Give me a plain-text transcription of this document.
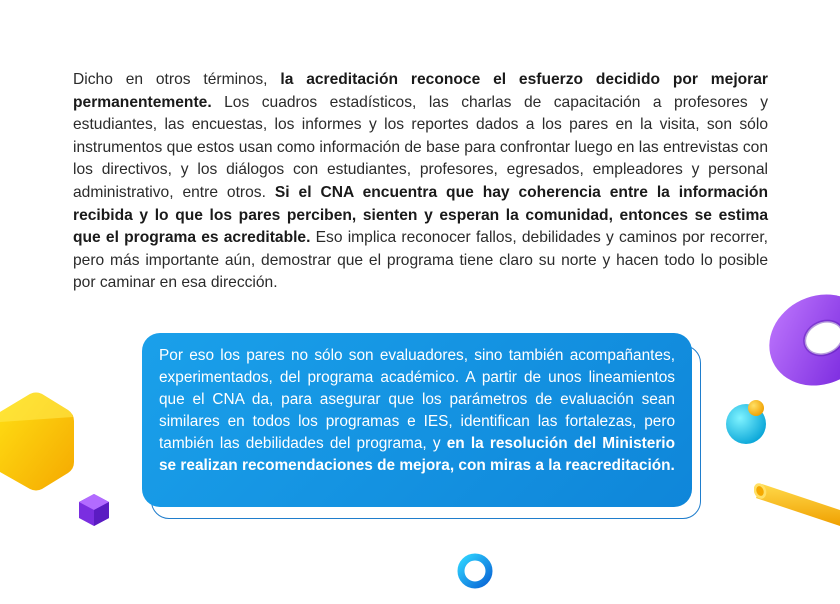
Dicho en otros términos, la acreditación reconoce el esfuerzo decidido por mejorar permanentemente. Los cuadros estadísticos, las charlas de capacitación a profesores y estudiantes, las encuestas, los informes y los reportes dados a los pares en la visita, son sólo instrumentos que estos usan como información de base para confrontar luego en las entrevistas con los directivos, y los diálogos con estudiantes, profesores, egresados, empleadores y personal administrativo, entre otros. Si el CNA encuentra que hay coherencia entre la información recibida y lo que los pares perciben, sienten y esperan la comunidad, entonces se estima que el programa es acreditable. Eso implica reconocer fallos, debilidades y caminos por recorrer, pero más importante aún, demostrar que el programa tiene claro su norte y hacen todo lo posible por caminar en esa dirección.

Por eso los pares no sólo son evaluadores, sino también acompañantes, experimentados, del programa académico. A partir de unos lineamientos que el CNA da, para asegurar que los parámetros de evaluación sean similares en todos los programas e IES, identifican las fortalezas, pero también las debilidades del programa, y en la resolución del Ministerio se realizan recomendaciones de mejora, con miras a la reacreditación.
